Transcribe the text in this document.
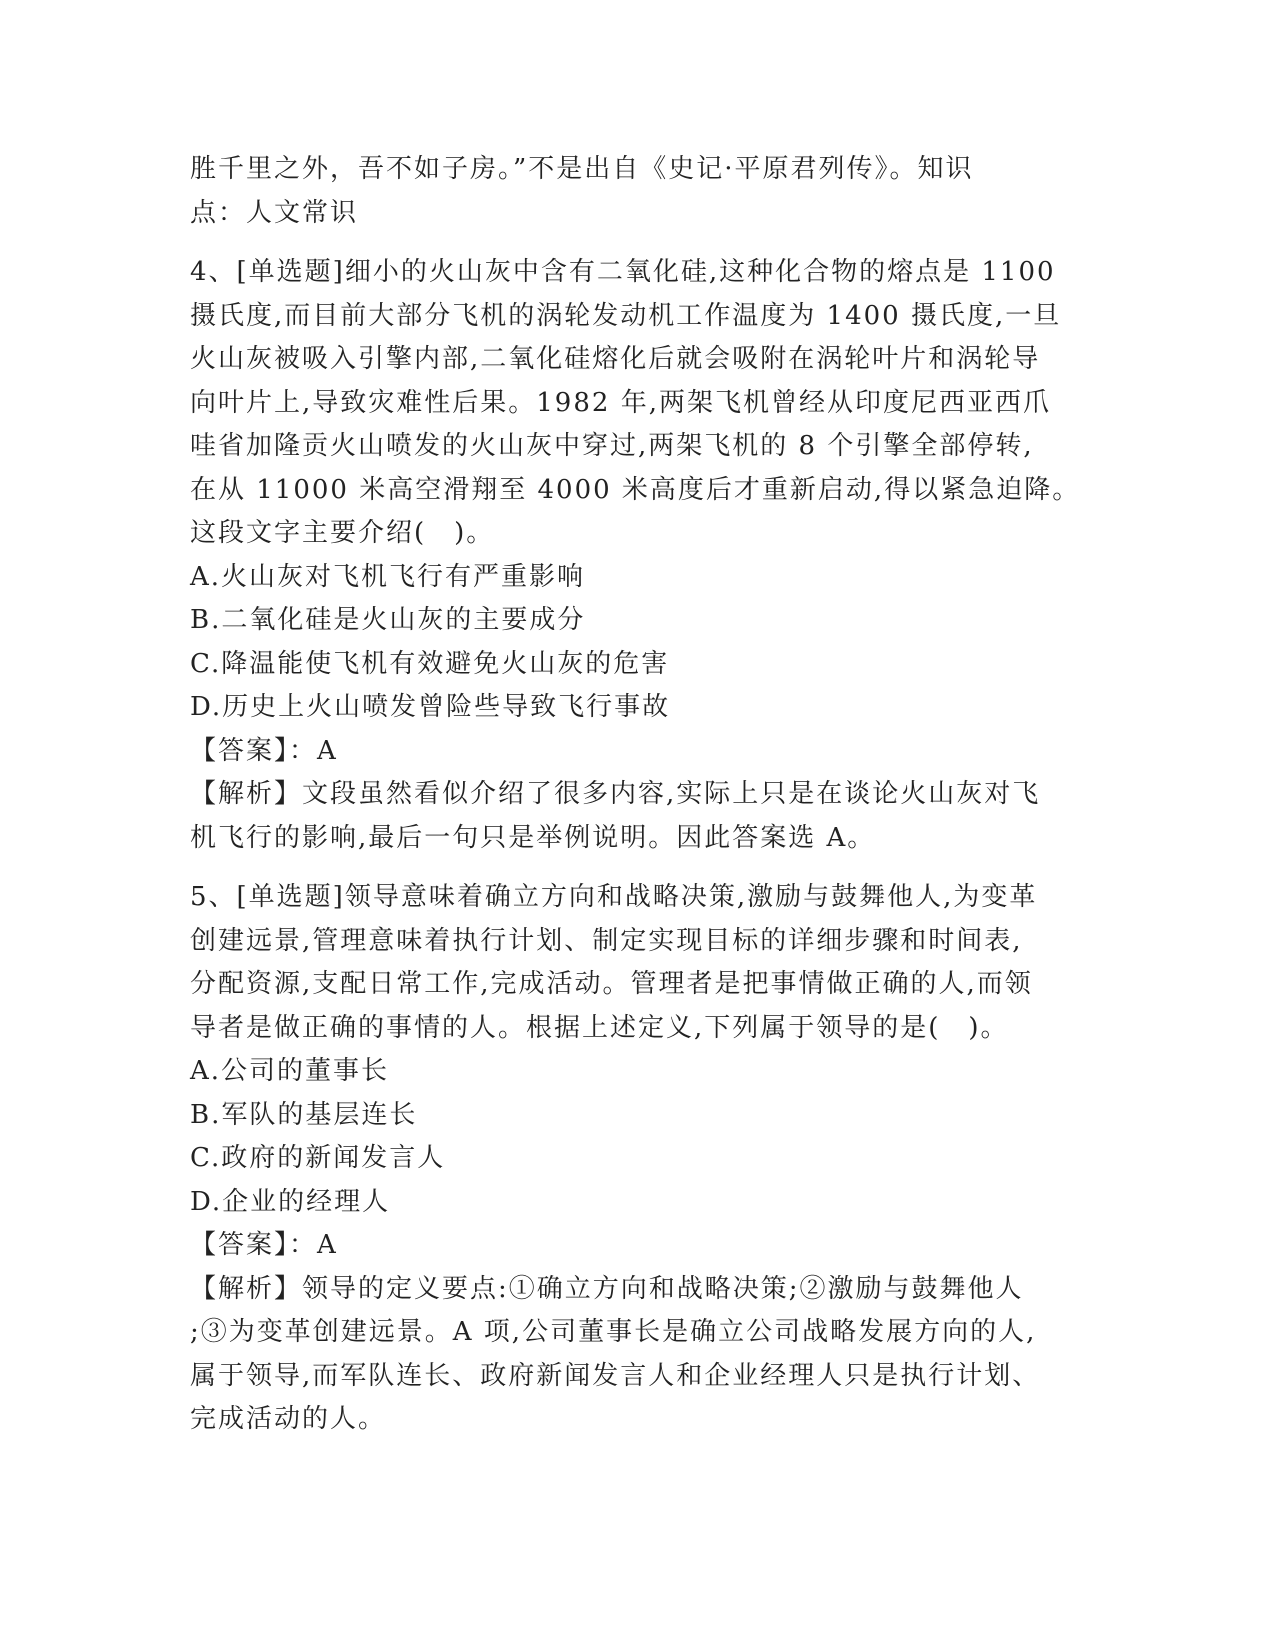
胜千里之外，吾不如子房。”不是出自《史记·平原君列传》。知识
点：人文常识
4、[单选题]细小的火山灰中含有二氧化硅,这种化合物的熔点是 1100
摄氏度,而目前大部分飞机的涡轮发动机工作温度为 1400 摄氏度,一旦
火山灰被吸入引擎内部,二氧化硅熔化后就会吸附在涡轮叶片和涡轮导
向叶片上,导致灾难性后果。1982 年,两架飞机曾经从印度尼西亚西爪
哇省加隆贡火山喷发的火山灰中穿过,两架飞机的 8 个引擎全部停转,
在从 11000 米高空滑翔至 4000 米高度后才重新启动,得以紧急迫降。
这段文字主要介绍(　)。
A.火山灰对飞机飞行有严重影响
B.二氧化硅是火山灰的主要成分
C.降温能使飞机有效避免火山灰的危害
D.历史上火山喷发曾险些导致飞行事故
【答案】：A
【解析】文段虽然看似介绍了很多内容,实际上只是在谈论火山灰对飞
机飞行的影响,最后一句只是举例说明。因此答案选 A。
5、[单选题]领导意味着确立方向和战略决策,激励与鼓舞他人,为变革
创建远景,管理意味着执行计划、制定实现目标的详细步骤和时间表,
分配资源,支配日常工作,完成活动。管理者是把事情做正确的人,而领
导者是做正确的事情的人。根据上述定义,下列属于领导的是(　)。
A.公司的董事长
B.军队的基层连长
C.政府的新闻发言人
D.企业的经理人
【答案】：A
【解析】领导的定义要点:①确立方向和战略决策;②激励与鼓舞他人
;③为变革创建远景。A 项,公司董事长是确立公司战略发展方向的人,
属于领导,而军队连长、政府新闻发言人和企业经理人只是执行计划、
完成活动的人。
